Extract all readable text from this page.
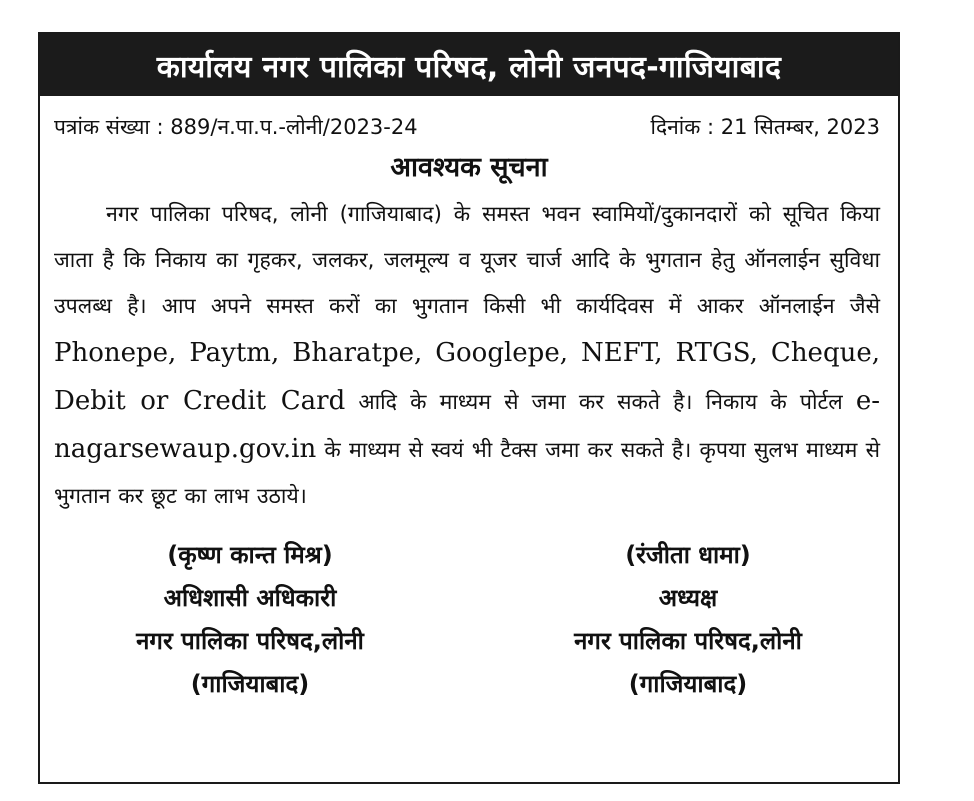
कार्यालय नगर पालिका परिषद, लोनी जनपद-गाजियाबाद
पत्रांक संख्या : 889/न.पा.प.-लोनी/2023-24	दिनांक : 21 सितम्बर, 2023
आवश्यक सूचना
नगर पालिका परिषद, लोनी (गाजियाबाद) के समस्त भवन स्वामियों/दुकानदारों को सूचित किया जाता है कि निकाय का गृहकर, जलकर, जलमूल्य व यूजर चार्ज आदि के भुगतान हेतु ऑनलाईन सुविधा उपलब्ध है। आप अपने समस्त करों का भुगतान किसी भी कार्यदिवस में आकर ऑनलाईन जैसे Phonepe, Paytm, Bharatpe, Googlepe, NEFT, RTGS, Cheque, Debit or Credit Card आदि के माध्यम से जमा कर सकते है। निकाय के पोर्टल e-nagarsewaup.gov.in के माध्यम से स्वयं भी टैक्स जमा कर सकते है। कृपया सुलभ माध्यम से भुगतान कर छूट का लाभ उठाये।
(कृष्ण कान्त मिश्र)
अधिशासी अधिकारी
नगर पालिका परिषद,लोनी
(गाजियाबाद)
(रंजीता धामा)
अध्यक्ष
नगर पालिका परिषद,लोनी
(गाजियाबाद)
